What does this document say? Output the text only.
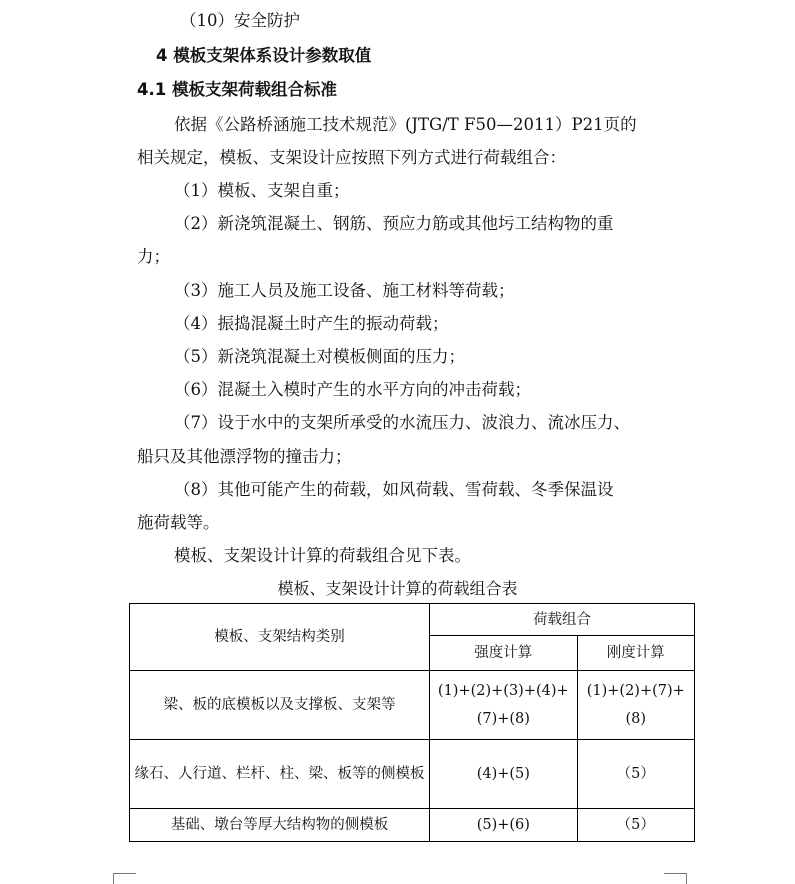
（10）安全防护
4 模板支架体系设计参数取值
4.1 模板支架荷载组合标准
依据《公路桥涵施工技术规范》(JTG/T F50—2011）P21页的
相关规定，模板、支架设计应按照下列方式进行荷载组合：
（1）模板、支架自重；
（2）新浇筑混凝土、钢筋、预应力筋或其他圬工结构物的重
力；
（3）施工人员及施工设备、施工材料等荷载；
（4）振捣混凝土时产生的振动荷载；
（5）新浇筑混凝土对模板侧面的压力；
（6）混凝土入模时产生的水平方向的冲击荷载；
（7）设于水中的支架所承受的水流压力、波浪力、流冰压力、
船只及其他漂浮物的撞击力；
（8）其他可能产生的荷载，如风荷载、雪荷载、冬季保温设
施荷载等。
模板、支架设计计算的荷载组合见下表。
模板、支架设计计算的荷载组合表
模板、支架结构类别	荷载组合	
	强度计算	刚度计算
梁、板的底模板以及支撑板、支架等	(1)+(2)+(3)+(4)+(7)+(8)	(1)+(2)+(7)+(8)
缘石、人行道、栏杆、柱、梁、板等的侧模板	(4)+(5)	（5）
基础、墩台等厚大结构物的侧模板	(5)+(6)	（5）
